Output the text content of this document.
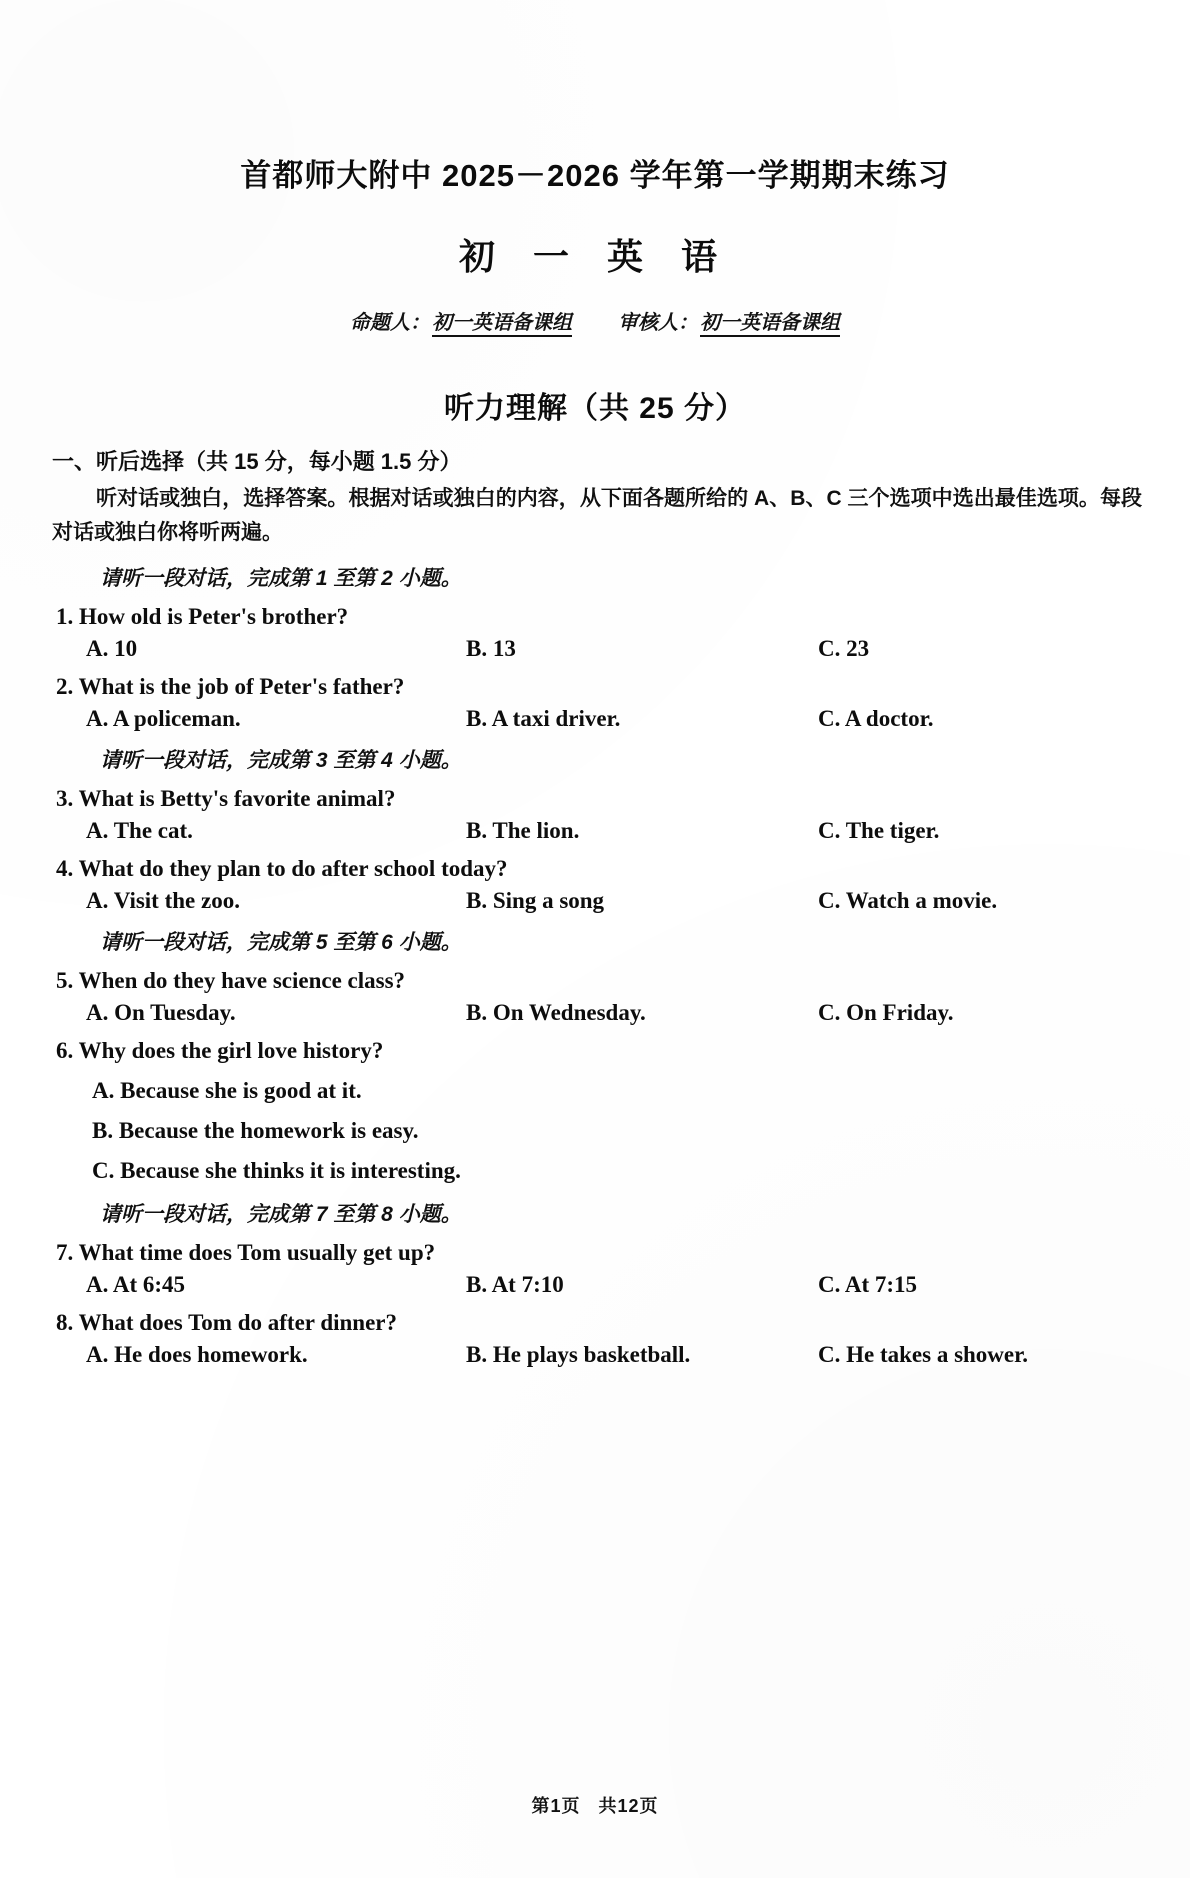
首都师大附中 2025－2026 学年第一学期期末练习
初 一 英 语
命题人： 初一英语备课组 审核人： 初一英语备课组
听力理解（共 25 分）
一、听后选择（共 15 分，每小题 1.5 分）
听对话或独白，选择答案。根据对话或独白的内容，从下面各题所给的 A、B、C 三个选项中选出最佳选项。每段对话或独白你将听两遍。
请听一段对话，完成第 1 至第 2 小题。
1. How old is Peter's brother?
A. 10	B. 13	C. 23
2. What is the job of Peter's father?
A. A policeman.	B. A taxi driver.	C. A doctor.
请听一段对话，完成第 3 至第 4 小题。
3. What is Betty's favorite animal?
A. The cat.	B. The lion.	C. The tiger.
4. What do they plan to do after school today?
A. Visit the zoo.	B. Sing a song	C. Watch a movie.
请听一段对话，完成第 5 至第 6 小题。
5. When do they have science class?
A. On Tuesday.	B. On Wednesday.	C. On Friday.
6. Why does the girl love history?
A. Because she is good at it.
B. Because the homework is easy.
C. Because she thinks it is interesting.
请听一段对话，完成第 7 至第 8 小题。
7. What time does Tom usually get up?
A. At 6:45	B. At 7:10	C. At 7:15
8. What does Tom do after dinner?
A. He does homework.	B. He plays basketball.	C. He takes a shower.
第1页 共12页
